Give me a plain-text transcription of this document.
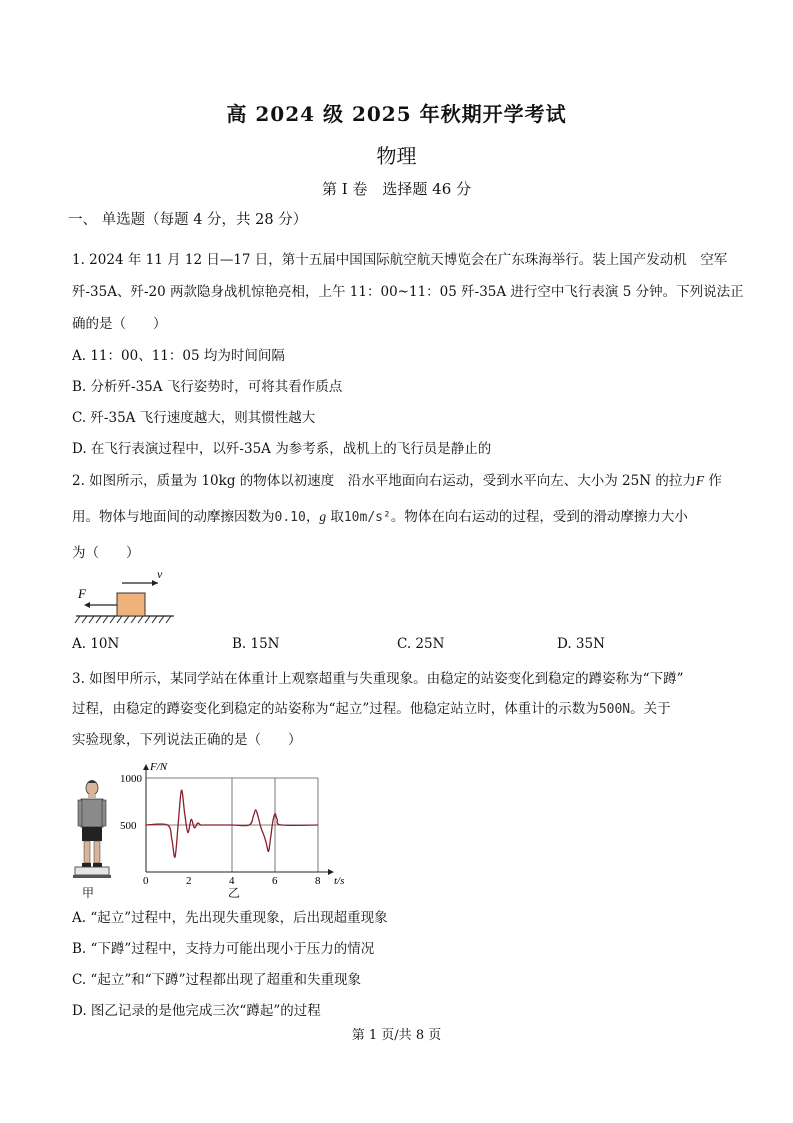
高 2024 级 2025 年秋期开学考试
物理
第 I 卷　选择题 46 分
一、 单选题（每题 4 分，共 28 分）
1. 2024 年 11 月 12 日—17 日，第十五届中国国际航空航天博览会在广东珠海举行。装上国产发动机　空军
歼-35A、歼-20 两款隐身战机惊艳亮相，上午 11：00~11：05 歼-35A 进行空中飞行表演 5 分钟。下列说法正
确的是（　　）
A. 11：00、11：05 均为时间间隔
B. 分析歼-35A 飞行姿势时，可将其看作质点
C. 歼-35A 飞行速度越大，则其惯性越大
D. 在飞行表演过程中，以歼-35A 为参考系，战机上的飞行员是静止的
2. 如图所示，质量为 10kg 的物体以初速度　沿水平地面向右运动，受到水平向左、大小为 25N 的拉力F 作
用。物体与地面间的动摩擦因数为0.10，g 取10m/s²。物体在向右运动的过程，受到的滑动摩擦力大小
为（　　）
v
F
A. 10N	B. 15N	C. 25N	D. 35N
3. 如图甲所示，某同学站在体重计上观察超重与失重现象。由稳定的站姿变化到稳定的蹲姿称为“下蹲”
过程，由稳定的蹲姿变化到稳定的站姿称为“起立”过程。他稳定站立时，体重计的示数为500N。关于
实验现象，下列说法正确的是（　　）
甲
0	2	4	6	8
500
1000
F/N
t/s
乙
A. “起立”过程中，先出现失重现象，后出现超重现象
B. “下蹲”过程中，支持力可能出现小于压力的情况
C. “起立”和“下蹲”过程都出现了超重和失重现象
D. 图乙记录的是他完成三次“蹲起”的过程
第 1 页/共 8 页
